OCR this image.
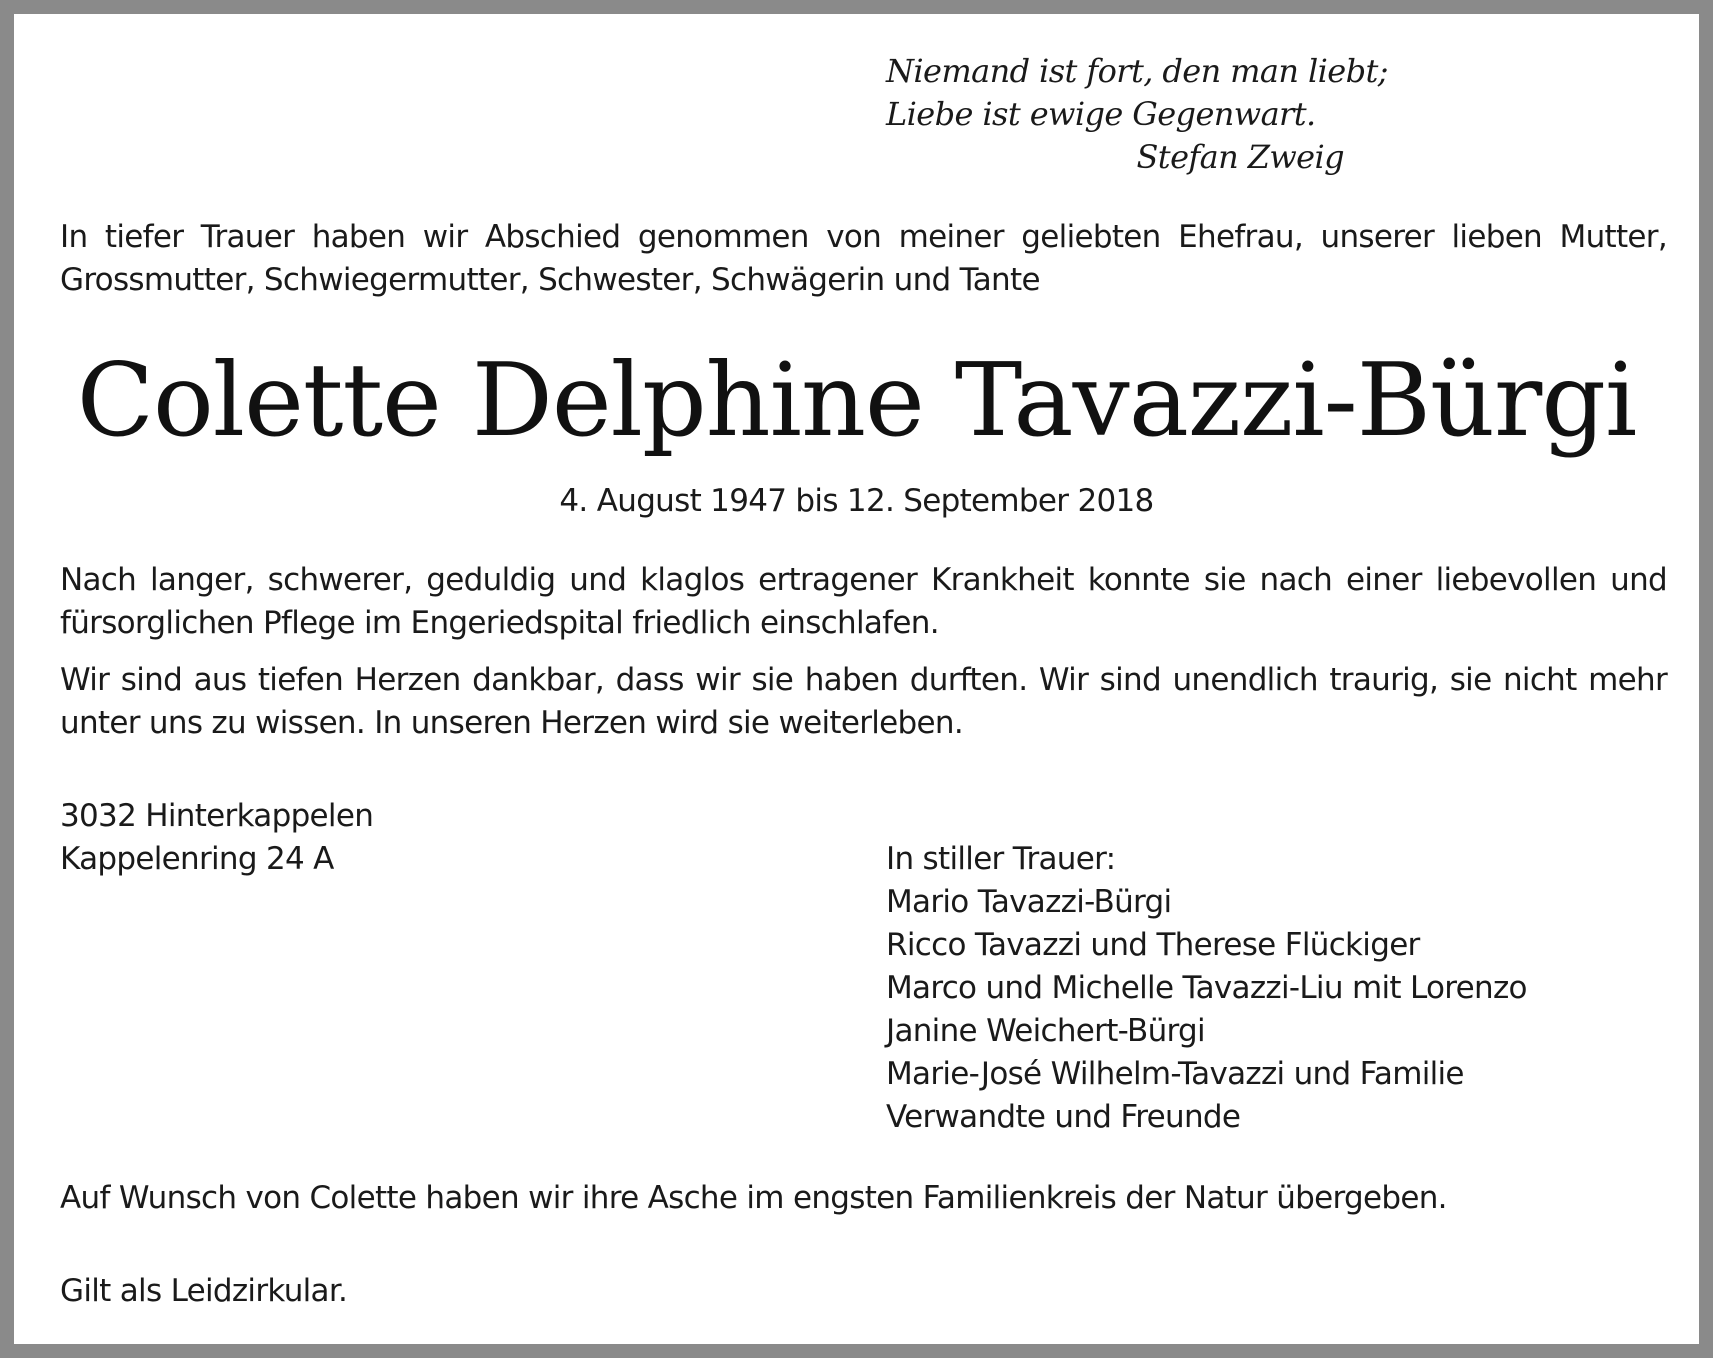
Niemand ist fort, den man liebt;
Liebe ist ewige Gegenwart.
Stefan Zweig

In tiefer Trauer haben wir Abschied genommen von meiner geliebten Ehefrau, unserer lieben Mutter, Grossmutter, Schwiegermutter, Schwester, Schwägerin und Tante

Colette Delphine Tavazzi-Bürgi
4. August 1947 bis 12. September 2018

Nach langer, schwerer, geduldig und klaglos ertragener Krankheit konnte sie nach einer liebevollen und fürsorglichen Pflege im Engeriedspital friedlich einschlafen.

Wir sind aus tiefen Herzen dankbar, dass wir sie haben durften. Wir sind unendlich traurig, sie nicht mehr unter uns zu wissen. In unseren Herzen wird sie weiterleben.

3032 Hinterkappelen
Kappelenring 24 A	In stiller Trauer:
Mario Tavazzi-Bürgi
Ricco Tavazzi und Therese Flückiger
Marco und Michelle Tavazzi-Liu mit Lorenzo
Janine Weichert-Bürgi
Marie-José Wilhelm-Tavazzi und Familie
Verwandte und Freunde

Auf Wunsch von Colette haben wir ihre Asche im engsten Familienkreis der Natur übergeben.

Gilt als Leidzirkular.
